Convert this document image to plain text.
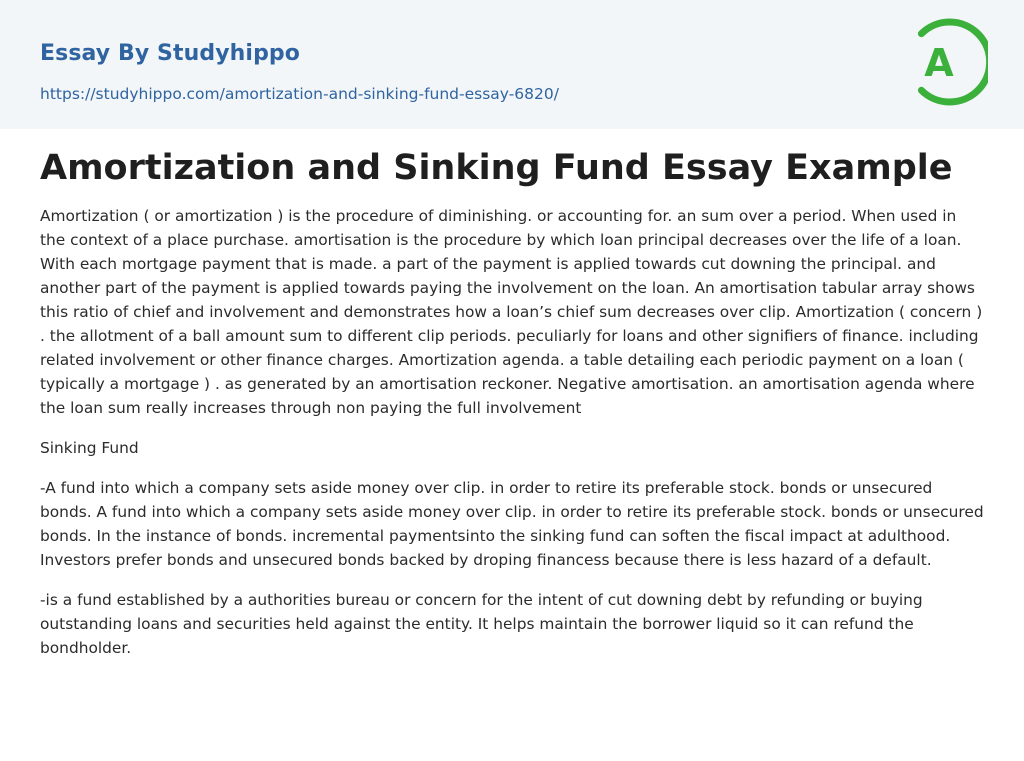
Essay By Studyhippo
https://studyhippo.com/amortization-and-sinking-fund-essay-6820/
A
Amortization and Sinking Fund Essay Example

Amortization ( or amortization ) is the procedure of diminishing. or accounting for. an sum over a period. When used in the context of a place purchase. amortisation is the procedure by which loan principal decreases over the life of a loan. With each mortgage payment that is made. a part of the payment is applied towards cut downing the principal. and another part of the payment is applied towards paying the involvement on the loan. An amortisation tabular array shows this ratio of chief and involvement and demonstrates how a loan’s chief sum decreases over clip. Amortization ( concern ) . the allotment of a ball amount sum to different clip periods. peculiarly for loans and other signifiers of finance. including related involvement or other finance charges. Amortization agenda. a table detailing each periodic payment on a loan ( typically a mortgage ) . as generated by an amortisation reckoner. Negative amortisation. an amortisation agenda where the loan sum really increases through non paying the full involvement

Sinking Fund

-A fund into which a company sets aside money over clip. in order to retire its preferable stock. bonds or unsecured bonds. A fund into which a company sets aside money over clip. in order to retire its preferable stock. bonds or unsecured bonds. In the instance of bonds. incremental paymentsinto the sinking fund can soften the fiscal impact at adulthood. Investors prefer bonds and unsecured bonds backed by droping financess because there is less hazard of a default.

-is a fund established by a authorities bureau or concern for the intent of cut downing debt by refunding or buying outstanding loans and securities held against the entity. It helps maintain the borrower liquid so it can refund the bondholder.
